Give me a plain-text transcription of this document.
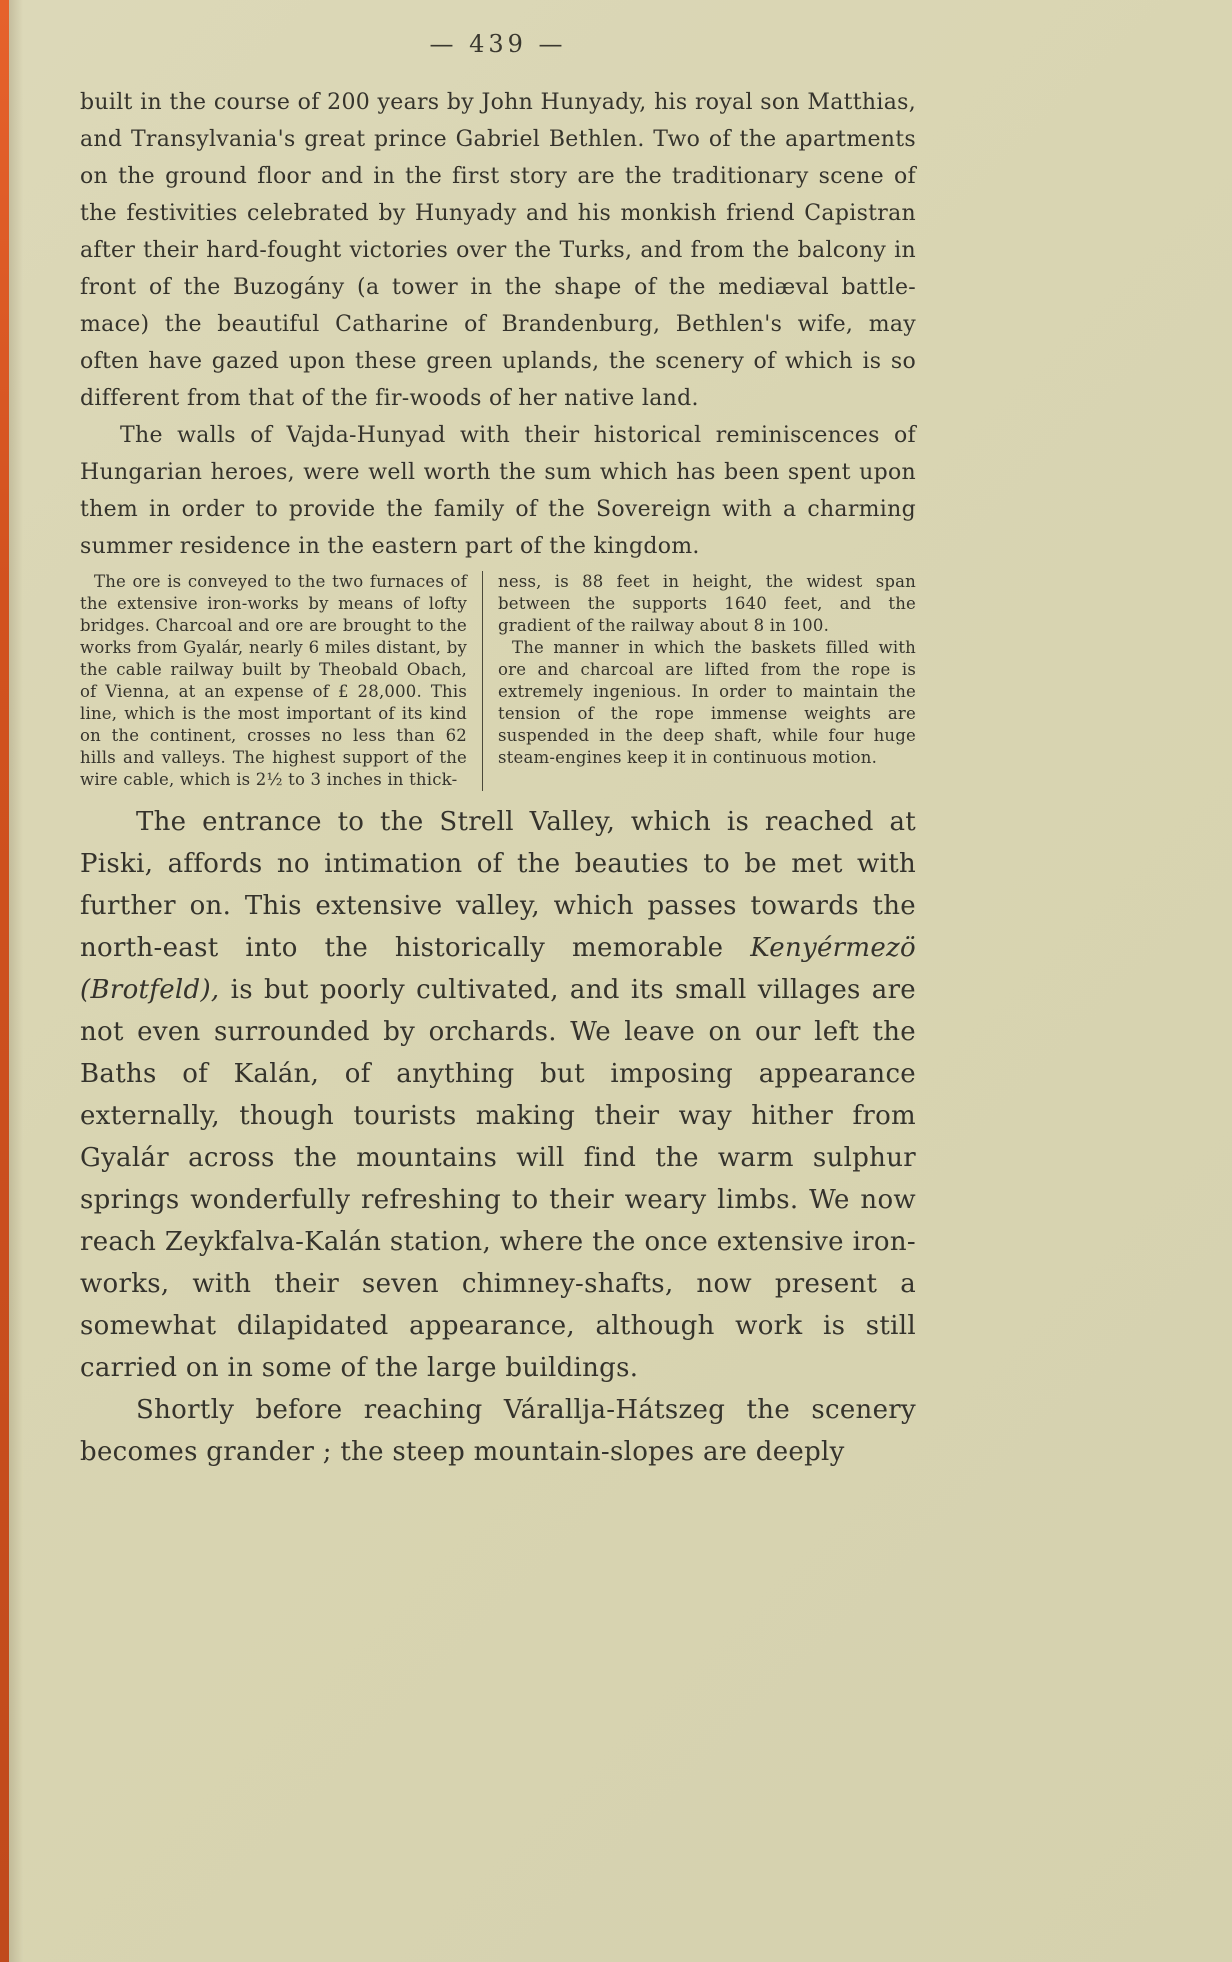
— 439 —

built in the course of 200 years by John Hunyady, his royal son Matthias, and Transylvania's great prince Gabriel Bethlen. Two of the apartments on the ground floor and in the first story are the traditionary scene of the festivities celebrated by Hunyady and his monkish friend Capistran after their hard-fought victories over the Turks, and from the balcony in front of the Buzogány (a tower in the shape of the mediæval battle-mace) the beautiful Catharine of Brandenburg, Bethlen's wife, may often have gazed upon these green uplands, the scenery of which is so different from that of the fir-woods of her native land.

The walls of Vajda-Hunyad with their historical reminiscences of Hungarian heroes, were well worth the sum which has been spent upon them in order to provide the family of the Sovereign with a charming summer residence in the eastern part of the kingdom.

The ore is conveyed to the two furnaces of the extensive iron-works by means of lofty bridges. Charcoal and ore are brought to the works from Gyalár, nearly 6 miles distant, by the cable railway built by Theobald Obach, of Vienna, at an expense of £ 28,000. This line, which is the most important of its kind on the continent, crosses no less than 62 hills and valleys. The highest support of the wire cable, which is 2½ to 3 inches in thick-

ness, is 88 feet in height, the widest span between the supports 1640 feet, and the gradient of the railway about 8 in 100.

The manner in which the baskets filled with ore and charcoal are lifted from the rope is extremely ingenious. In order to maintain the tension of the rope immense weights are suspended in the deep shaft, while four huge steam-engines keep it in continuous motion.

The entrance to the Strell Valley, which is reached at Piski, affords no intimation of the beauties to be met with further on. This extensive valley, which passes towards the north-east into the historically memorable Kenyérmezö (Brotfeld), is but poorly cultivated, and its small villages are not even surrounded by orchards. We leave on our left the Baths of Kalán, of anything but imposing appearance externally, though tourists making their way hither from Gyalár across the mountains will find the warm sulphur springs wonderfully refreshing to their weary limbs. We now reach Zeykfalva-Kalán station, where the once extensive iron-works, with their seven chimney-shafts, now present a somewhat dilapidated appearance, although work is still carried on in some of the large buildings.

Shortly before reaching Várallja-Hátszeg the scenery becomes grander ; the steep mountain-slopes are deeply
